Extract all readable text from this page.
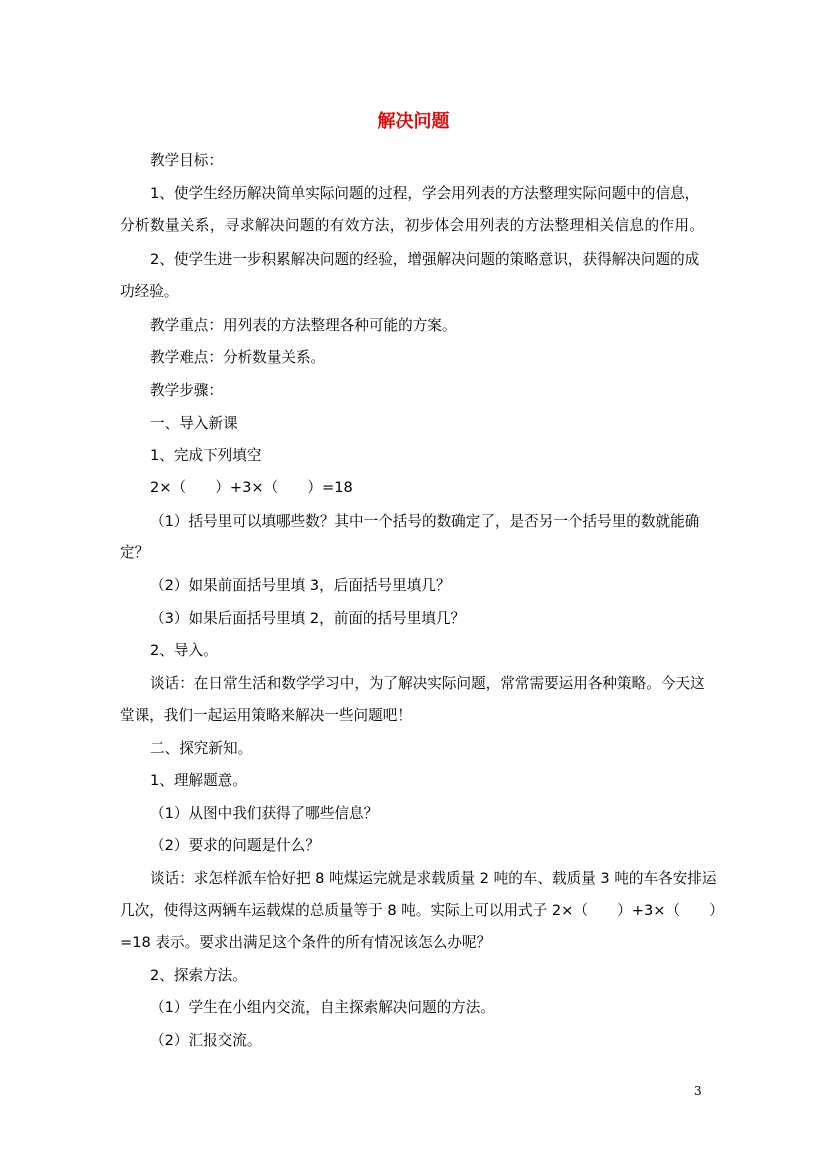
解决问题
教学目标：
1、使学生经历解决简单实际问题的过程，学会用列表的方法整理实际问题中的信息，
分析数量关系，寻求解决问题的有效方法，初步体会用列表的方法整理相关信息的作用。
2、使学生进一步积累解决问题的经验，增强解决问题的策略意识，获得解决问题的成
功经验。
教学重点：用列表的方法整理各种可能的方案。
教学难点：分析数量关系。
教学步骤：
一、导入新课
1、完成下列填空
2×（　　）+3×（　　）=18
（1）括号里可以填哪些数？其中一个括号的数确定了，是否另一个括号里的数就能确
定？
（2）如果前面括号里填 3，后面括号里填几？
（3）如果后面括号里填 2，前面的括号里填几？
2、导入。
谈话：在日常生活和数学学习中，为了解决实际问题，常常需要运用各种策略。今天这
堂课，我们一起运用策略来解决一些问题吧！
二、探究新知。
1、理解题意。
（1）从图中我们获得了哪些信息？
（2）要求的问题是什么？
谈话：求怎样派车恰好把 8 吨煤运完就是求载质量 2 吨的车、载质量 3 吨的车各安排运
几次，使得这两辆车运载煤的总质量等于 8 吨。实际上可以用式子 2×（　　）+3×（　　）
=18 表示。要求出满足这个条件的所有情况该怎么办呢？
2、探索方法。
（1）学生在小组内交流，自主探索解决问题的方法。
（2）汇报交流。
3
